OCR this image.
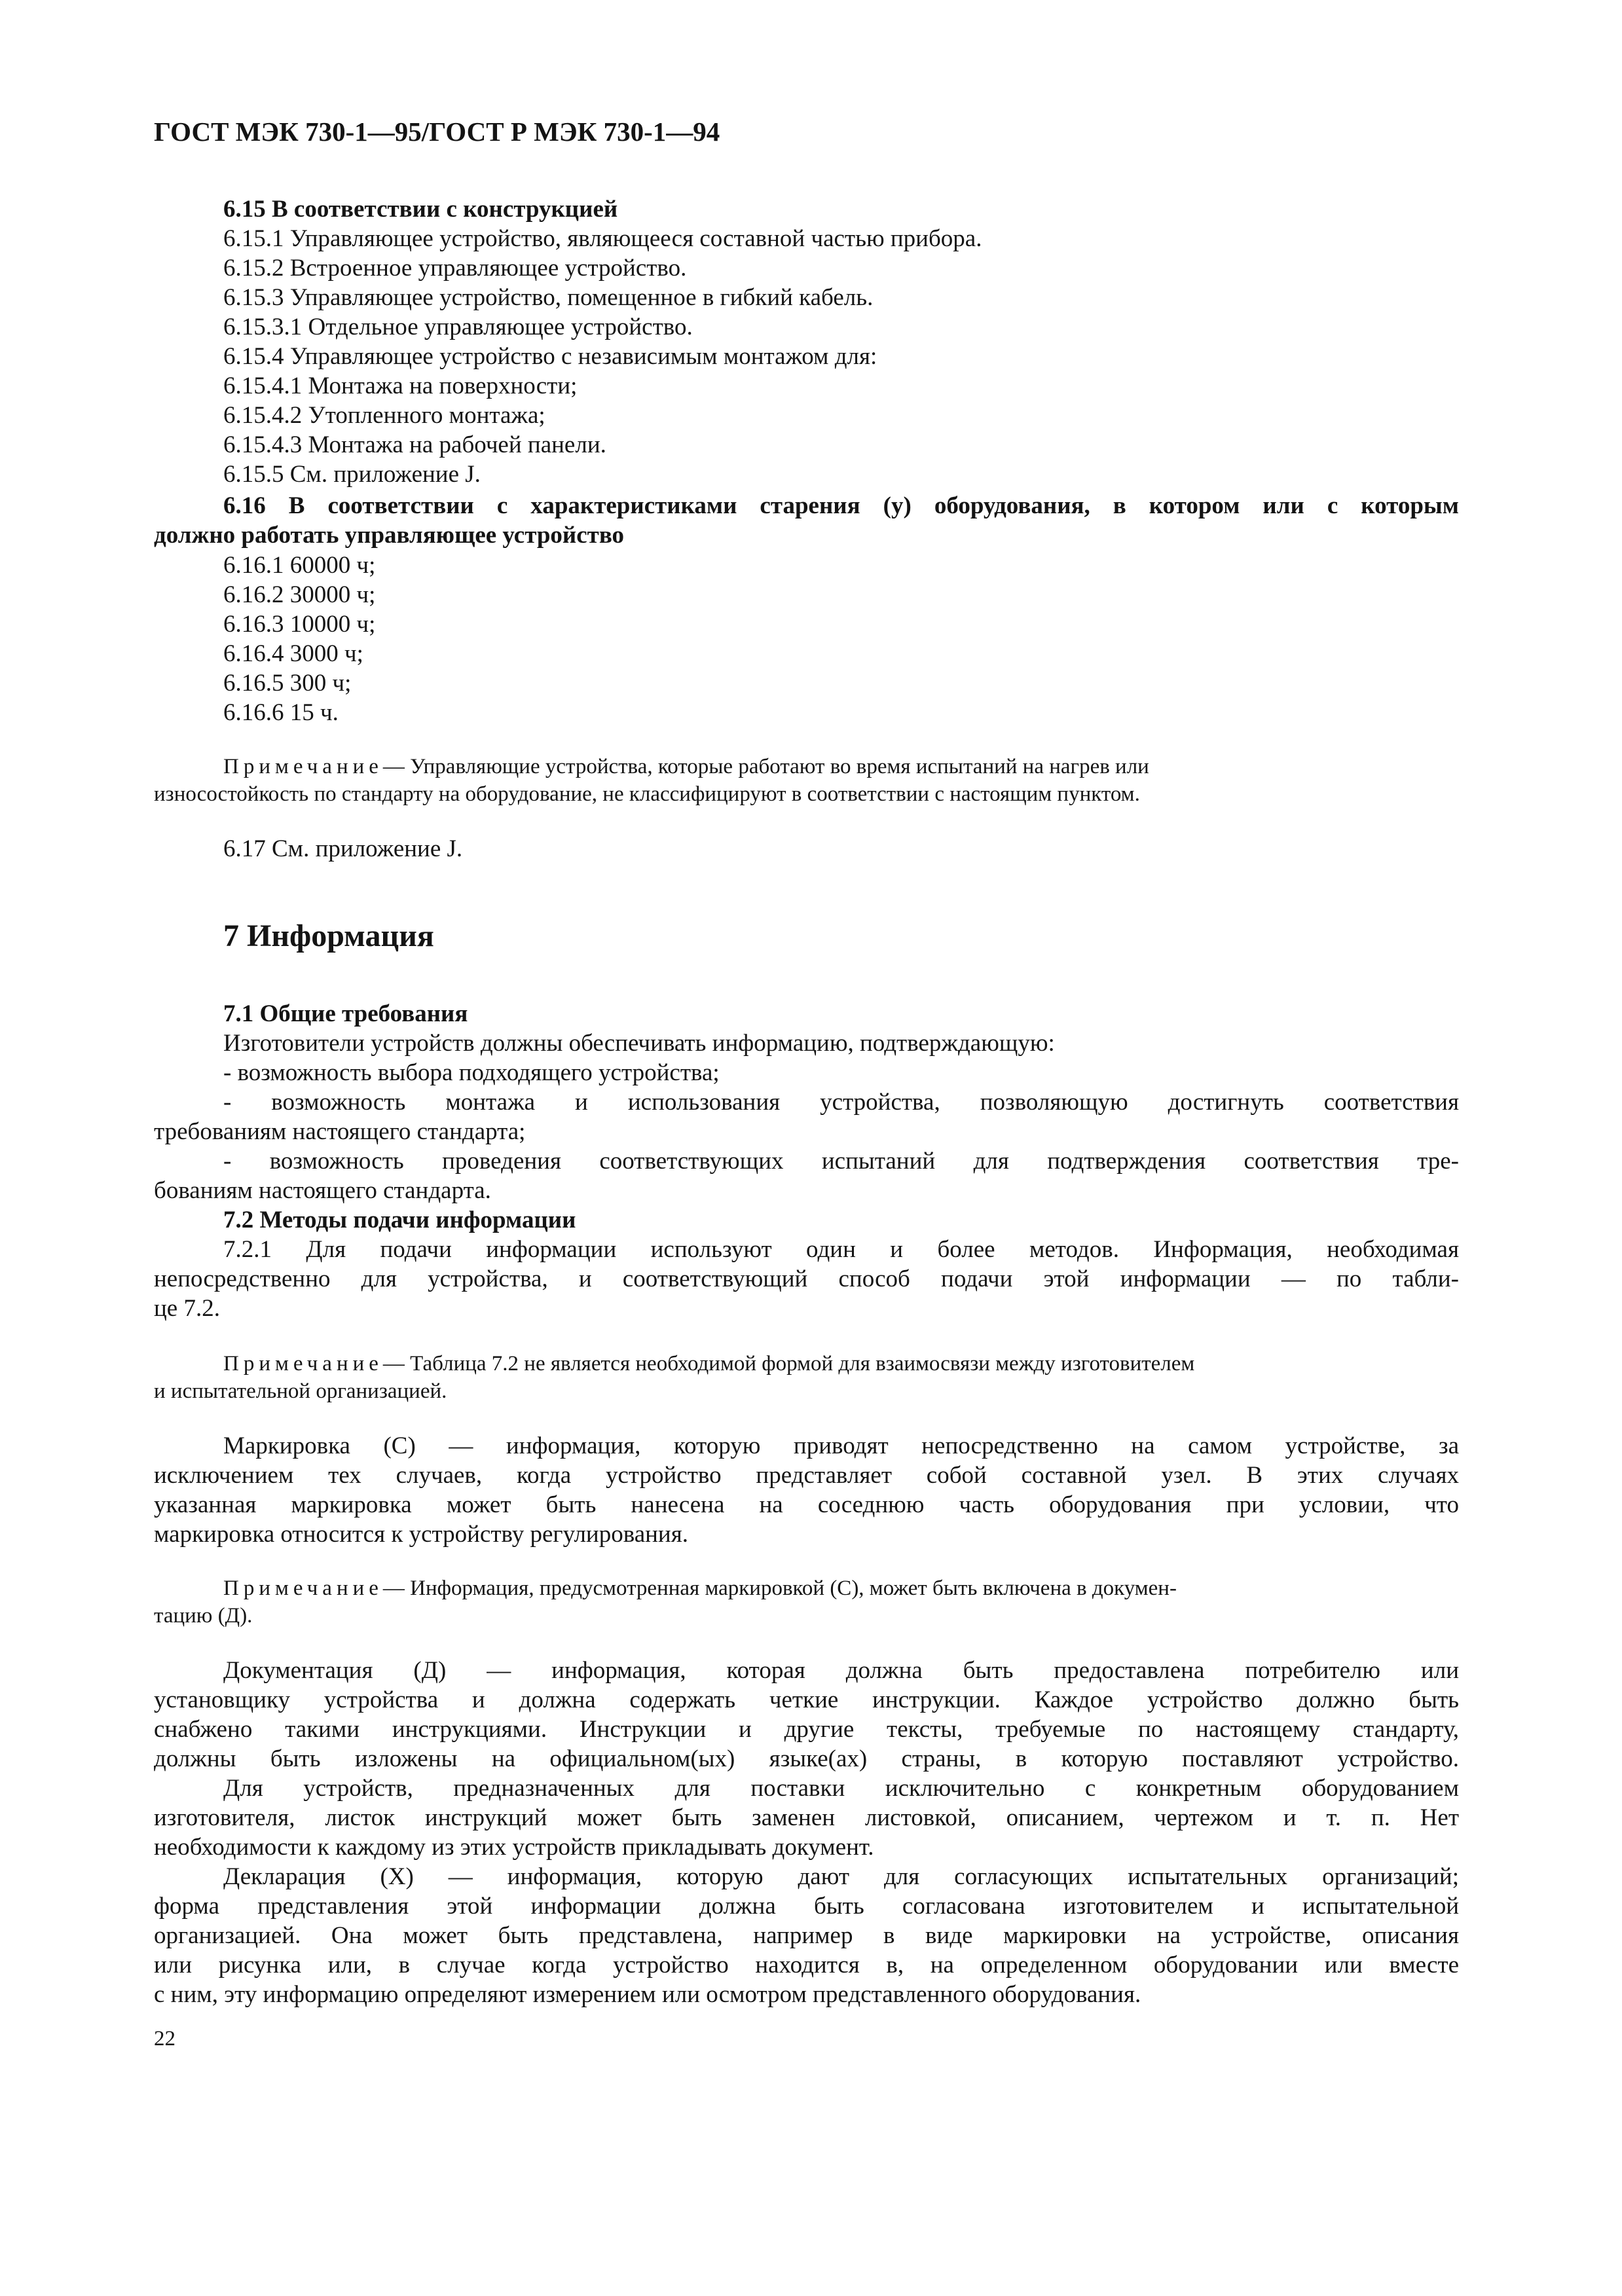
ГОСТ МЭК 730-1—95/ГОСТ Р МЭК 730-1—94
6.15 В соответствии с конструкцией
6.15.1 Управляющее устройство, являющееся составной частью прибора.
6.15.2 Встроенное управляющее устройство.
6.15.3 Управляющее устройство, помещенное в гибкий кабель.
6.15.3.1 Отдельное управляющее устройство.
6.15.4 Управляющее устройство с независимым монтажом для:
6.15.4.1 Монтажа на поверхности;
6.15.4.2 Утопленного монтажа;
6.15.4.3 Монтажа на рабочей панели.
6.15.5 См. приложение J.
6.16 В соответствии с характеристиками старения (у) оборудования, в котором или с которым
должно работать управляющее устройство
6.16.1 60000 ч;
6.16.2 30000 ч;
6.16.3 10000 ч;
6.16.4 3000 ч;
6.16.5 300 ч;
6.16.6 15 ч.
Примечание— Управляющие устройства, которые работают во время испытаний на нагрев или
износостойкость по стандарту на оборудование, не классифицируют в соответствии с настоящим пунктом.
6.17 См. приложение J.
7 Информация
7.1 Общие требования
Изготовители устройств должны обеспечивать информацию, подтверждающую:
- возможность выбора подходящего устройства;
- возможность монтажа и использования устройства, позволяющую достигнуть соответствия
требованиям настоящего стандарта;
- возможность проведения соответствующих испытаний для подтверждения соответствия тре-
бованиям настоящего стандарта.
7.2 Методы подачи информации
7.2.1 Для подачи информации используют один и более методов. Информация, необходимая
непосредственно для устройства, и соответствующий способ подачи этой информации — по табли-
це 7.2.
Примечание— Таблица 7.2 не является необходимой формой для взаимосвязи между изготовителем
и испытательной организацией.
Маркировка (С) — информация, которую приводят непосредственно на самом устройстве, за
исключением тех случаев, когда устройство представляет собой составной узел. В этих случаях
указанная маркировка может быть нанесена на соседнюю часть оборудования при условии, что
маркировка относится к устройству регулирования.
Примечание— Информация, предусмотренная маркировкой (С), может быть включена в докумен-
тацию (Д).
Документация (Д) — информация, которая должна быть предоставлена потребителю или
установщику устройства и должна содержать четкие инструкции. Каждое устройство должно быть
снабжено такими инструкциями. Инструкции и другие тексты, требуемые по настоящему стандарту,
должны быть изложены на официальном(ых) языке(ах) страны, в которую поставляют устройство.
Для устройств, предназначенных для поставки исключительно с конкретным оборудованием
изготовителя, листок инструкций может быть заменен листовкой, описанием, чертежом и т. п. Нет
необходимости к каждому из этих устройств прикладывать документ.
Декларация (Х) — информация, которую дают для согласующих испытательных организаций;
форма представления этой информации должна быть согласована изготовителем и испытательной
организацией. Она может быть представлена, например в виде маркировки на устройстве, описания
или рисунка или, в случае когда устройство находится в, на определенном оборудовании или вместе
с ним, эту информацию определяют измерением или осмотром представленного оборудования.
22
